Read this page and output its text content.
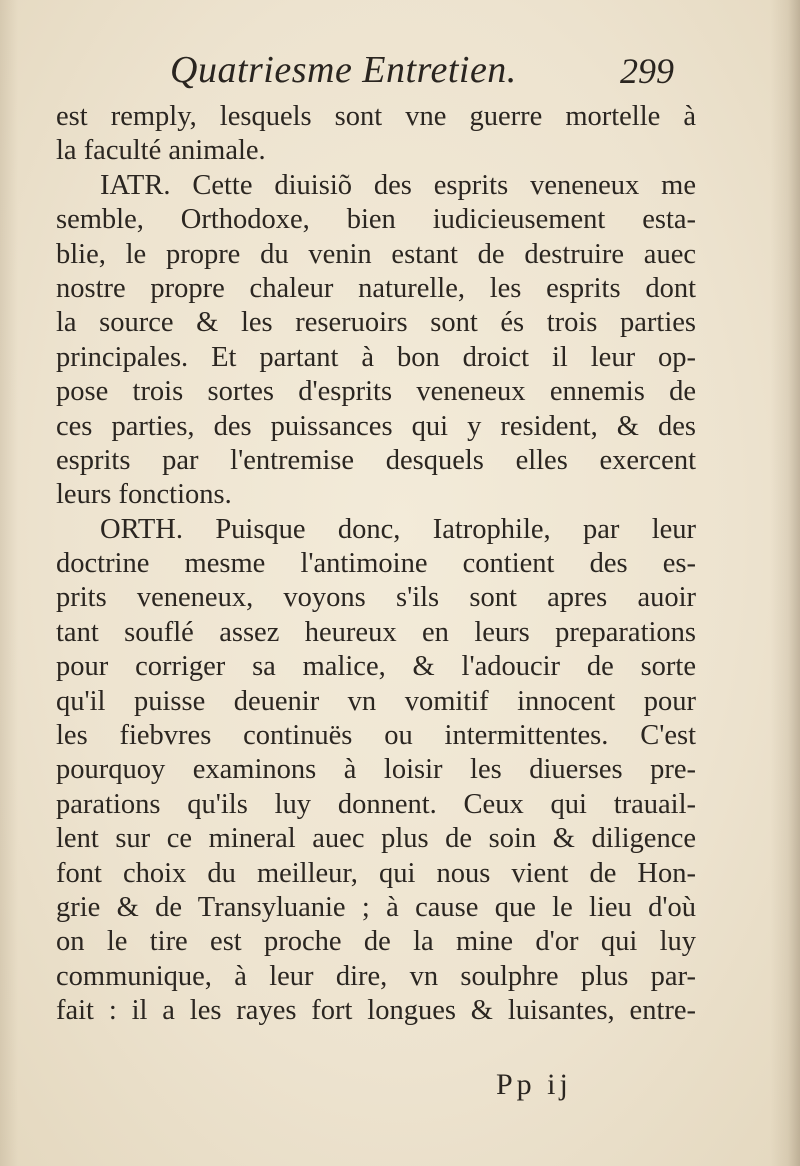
Quatriesme Entretien.	299
est remply, lesquels sont vne guerre mortelle à
la faculté animale.
IATR. Cette diuisiõ des esprits veneneux me
semble, Orthodoxe, bien iudicieusement esta-
blie, le propre du venin estant de destruire auec
nostre propre chaleur naturelle, les esprits dont
la source & les reseruoirs sont és trois parties
principales. Et partant à bon droict il leur op-
pose trois sortes d'esprits veneneux ennemis de
ces parties, des puissances qui y resident, & des
esprits par l'entremise desquels elles exercent
leurs fonctions.
ORTH. Puisque donc, Iatrophile, par leur
doctrine mesme l'antimoine contient des es-
prits veneneux, voyons s'ils sont apres auoir
tant souflé assez heureux en leurs preparations
pour corriger sa malice, & l'adoucir de sorte
qu'il puisse deuenir vn vomitif innocent pour
les fiebvres continuës ou intermittentes. C'est
pourquoy examinons à loisir les diuerses pre-
parations qu'ils luy donnent. Ceux qui trauail-
lent sur ce mineral auec plus de soin & diligence
font choix du meilleur, qui nous vient de Hon-
grie & de Transyluanie ; à cause que le lieu d'où
on le tire est proche de la mine d'or qui luy
communique, à leur dire, vn soulphre plus par-
fait : il a les rayes fort longues & luisantes, entre-
Pp ij
